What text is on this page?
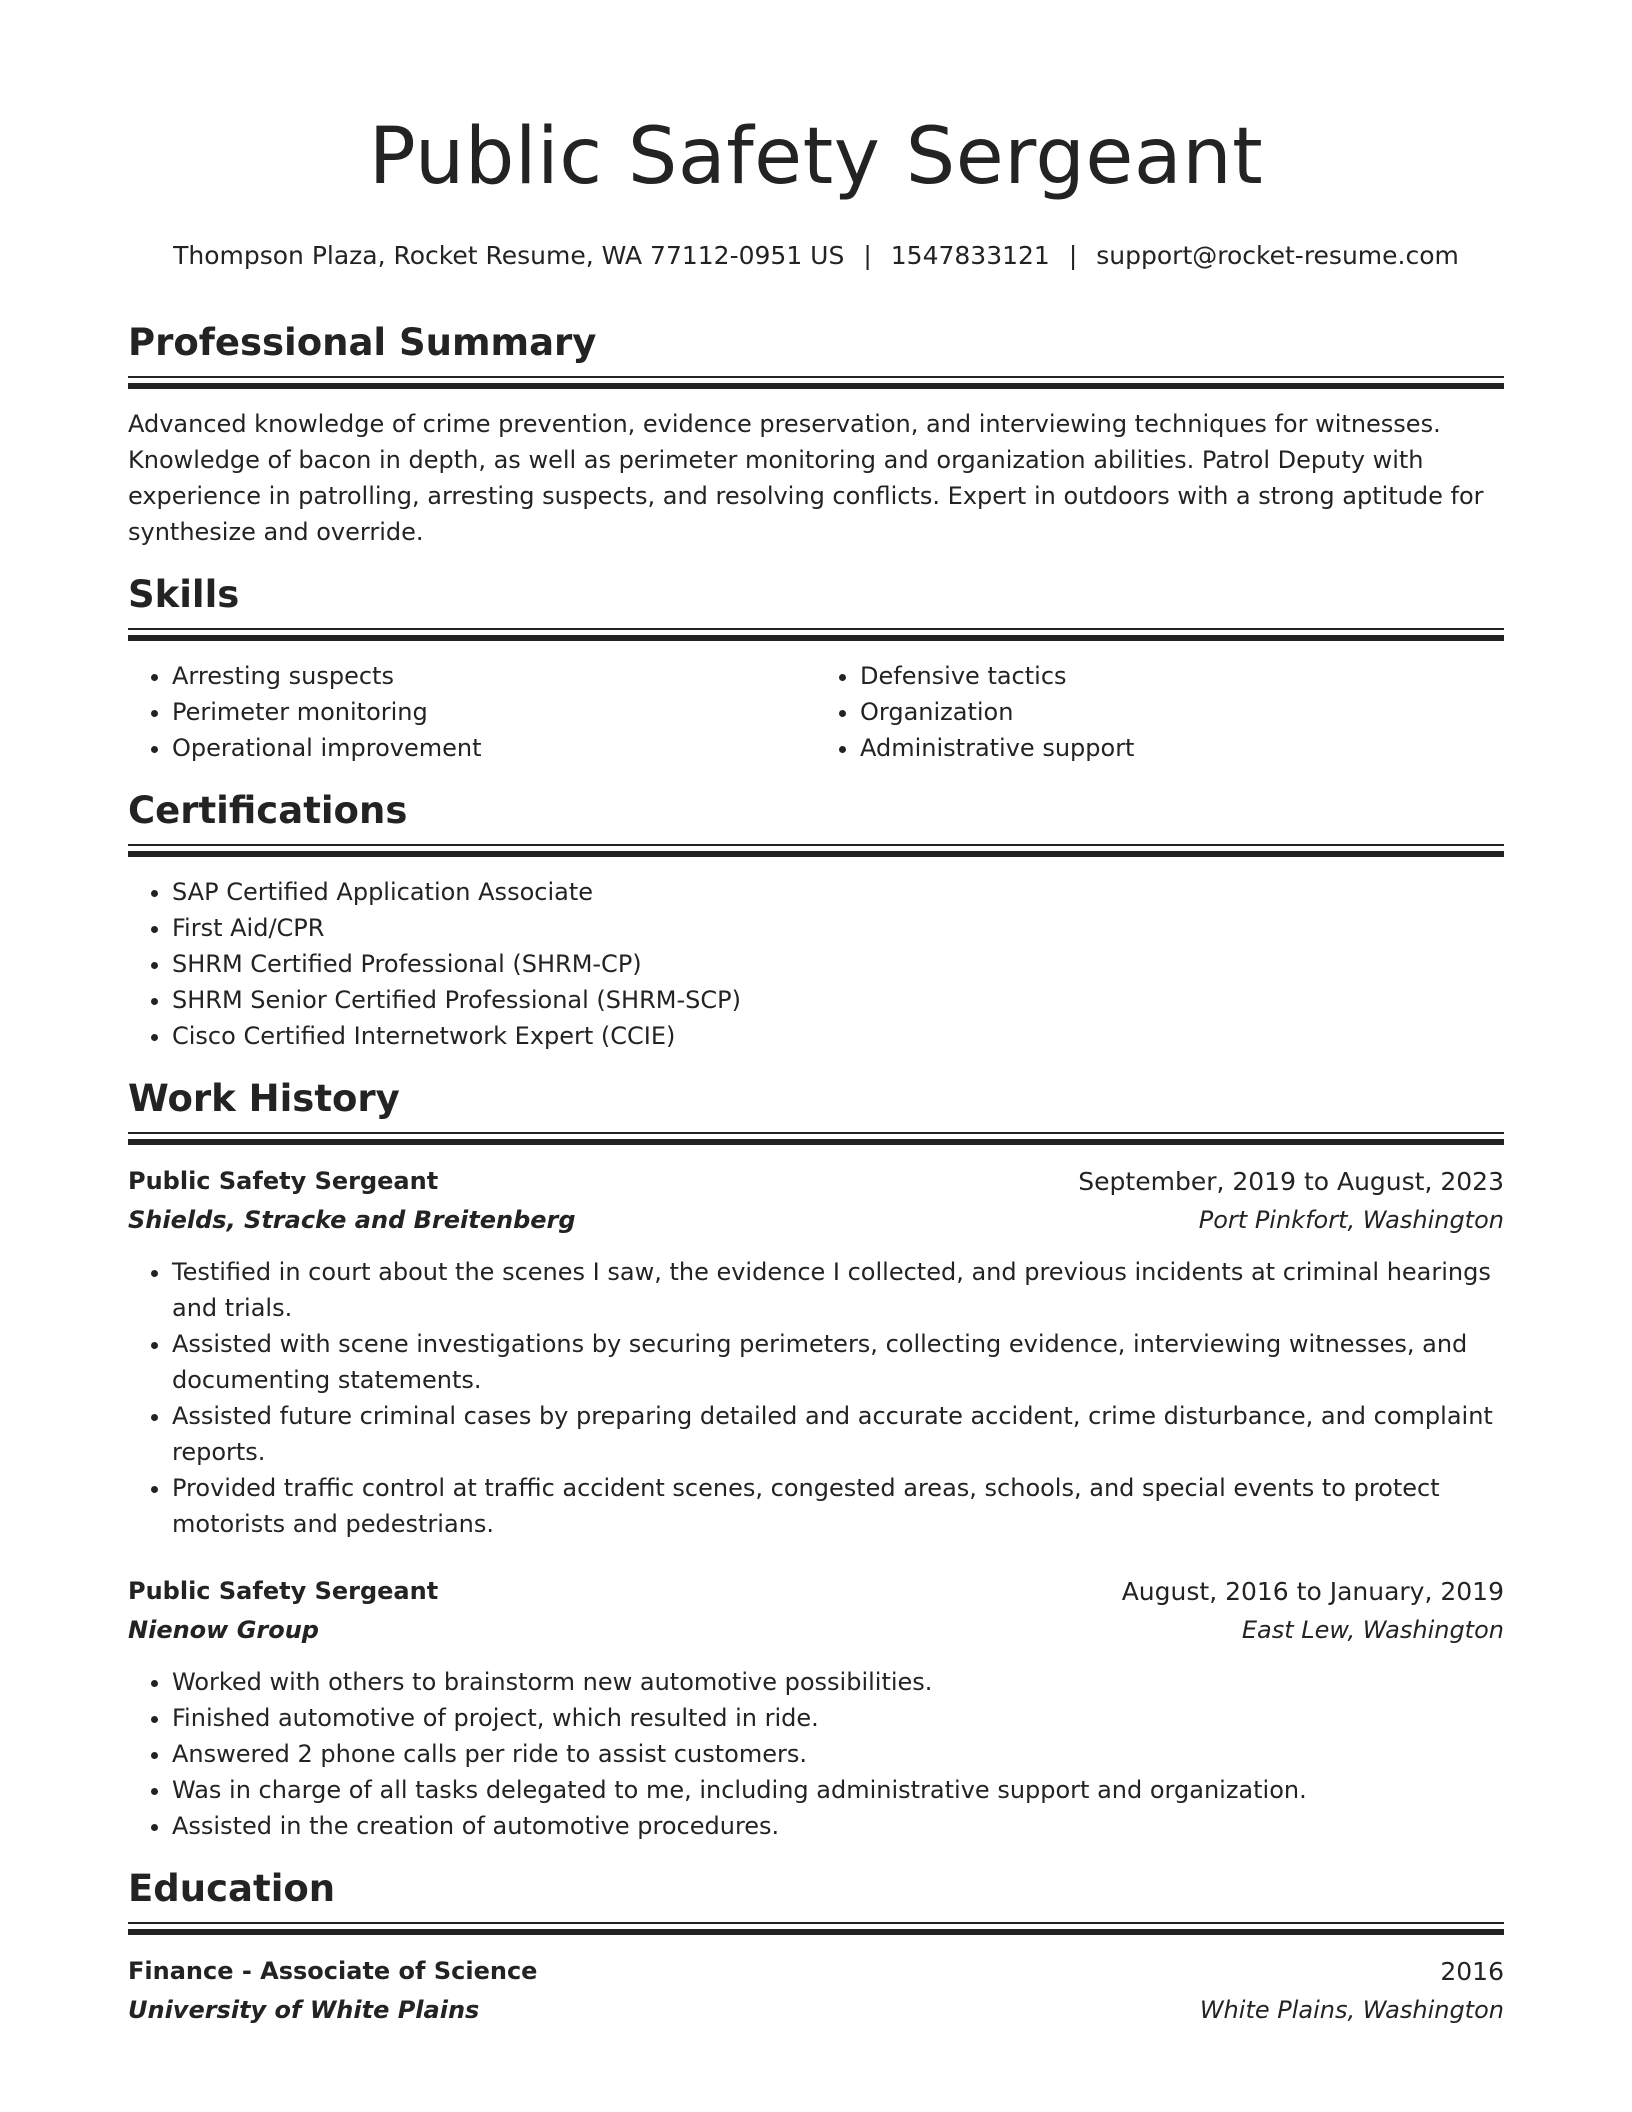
Public Safety Sergeant
Thompson Plaza, Rocket Resume, WA 77112-0951 US | 1547833121 | support@rocket-resume.com
Professional Summary

Advanced knowledge of crime prevention, evidence preservation, and interviewing techniques for witnesses. Knowledge of bacon in depth, as well as perimeter monitoring and organization abilities. Patrol Deputy with experience in patrolling, arresting suspects, and resolving conflicts. Expert in outdoors with a strong aptitude for synthesize and override.

Skills
• Arresting suspects
• Perimeter monitoring
• Operational improvement
• Defensive tactics
• Organization
• Administrative support
Certifications
• SAP Certified Application Associate
• First Aid/CPR
• SHRM Certified Professional (SHRM-CP)
• SHRM Senior Certified Professional (SHRM-SCP)
• Cisco Certified Internetwork Expert (CCIE)
Work History
Public Safety Sergeant	September, 2019 to August, 2023
Shields, Stracke and Breitenberg	Port Pinkfort, Washington
• Testified in court about the scenes I saw, the evidence I collected, and previous incidents at criminal hearings and trials.
• Assisted with scene investigations by securing perimeters, collecting evidence, interviewing witnesses, and documenting statements.
• Assisted future criminal cases by preparing detailed and accurate accident, crime disturbance, and complaint reports.
• Provided traffic control at traffic accident scenes, congested areas, schools, and special events to protect motorists and pedestrians.
Public Safety Sergeant	August, 2016 to January, 2019
Nienow Group	East Lew, Washington
• Worked with others to brainstorm new automotive possibilities.
• Finished automotive of project, which resulted in ride.
• Answered 2 phone calls per ride to assist customers.
• Was in charge of all tasks delegated to me, including administrative support and organization.
• Assisted in the creation of automotive procedures.
Education
Finance - Associate of Science	2016
University of White Plains	White Plains, Washington
